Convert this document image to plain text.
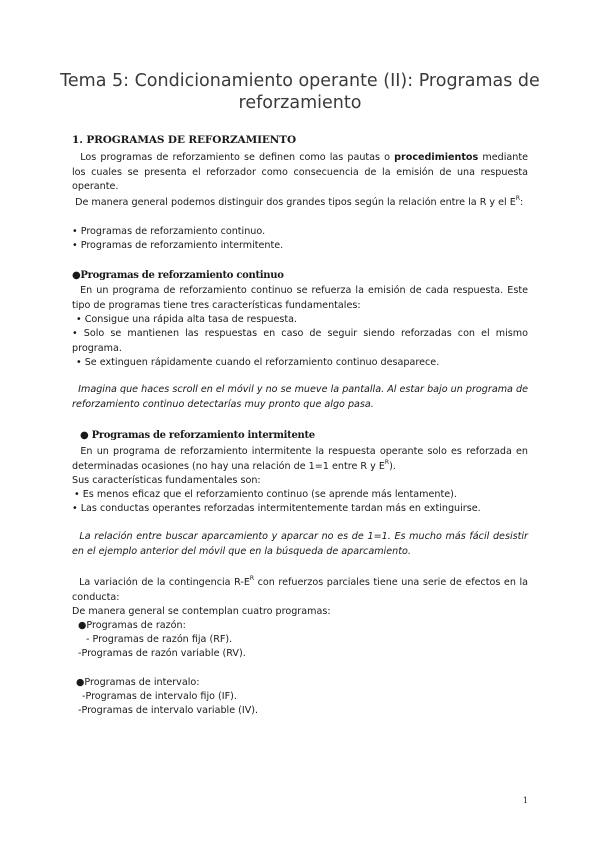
Tema 5: Condicionamiento operante (II): Programas de reforzamiento
1. PROGRAMAS DE REFORZAMIENTO
Los programas de reforzamiento se definen como las pautas o procedimientos mediante los cuales se presenta el reforzador como consecuencia de la emisión de una respuesta operante.
De manera general podemos distinguir dos grandes tipos según la relación entre la R y el $E^R$:
• Programas de reforzamiento continuo.
• Programas de reforzamiento intermitente.
●Programas de reforzamiento continuo
En un programa de reforzamiento continuo se refuerza la emisión de cada respuesta. Este tipo de programas tiene tres características fundamentales:
• Consigue una rápida alta tasa de respuesta.
• Solo se mantienen las respuestas en caso de seguir siendo reforzadas con el mismo programa.
• Se extinguen rápidamente cuando el reforzamiento continuo desaparece.
Imagina que haces scroll en el móvil y no se mueve la pantalla. Al estar bajo un programa de reforzamiento continuo detectarías muy pronto que algo pasa.
● Programas de reforzamiento intermitente
En un programa de reforzamiento intermitente la respuesta operante solo es reforzada en determinadas ocasiones (no hay una relación de 1=1 entre R y $E^R$).
Sus características fundamentales son:
• Es menos eficaz que el reforzamiento continuo (se aprende más lentamente).
• Las conductas operantes reforzadas intermitentemente tardan más en extinguirse.
La relación entre buscar aparcamiento y aparcar no es de 1=1. Es mucho más fácil desistir en el ejemplo anterior del móvil que en la búsqueda de aparcamiento.
La variación de la contingencia $R-E^R$ con refuerzos parciales tiene una serie de efectos en la conducta:
De manera general se contemplan cuatro programas:
●Programas de razón:
- Programas de razón fija (RF).
-Programas de razón variable (RV).
●Programas de intervalo:
-Programas de intervalo fijo (IF).
-Programas de intervalo variable (IV).
1
